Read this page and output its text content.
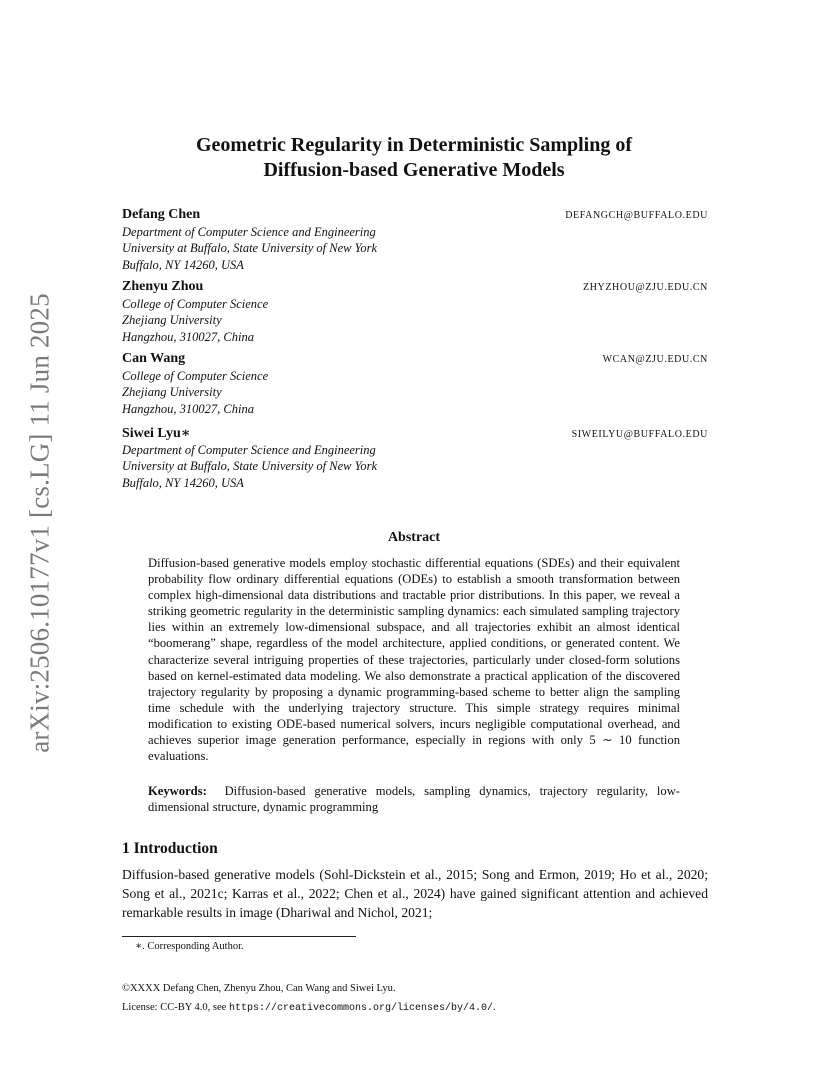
arXiv:2506.10177v1 [cs.LG] 11 Jun 2025
Geometric Regularity in Deterministic Sampling of
Diffusion-based Generative Models
Defang Chen	DEFANGCH@BUFFALO.EDU
Department of Computer Science and Engineering
University at Buffalo, State University of New York
Buffalo, NY 14260, USA
Zhenyu Zhou	ZHYZHOU@ZJU.EDU.CN
College of Computer Science
Zhejiang University
Hangzhou, 310027, China
Can Wang	WCAN@ZJU.EDU.CN
College of Computer Science
Zhejiang University
Hangzhou, 310027, China
Siwei Lyu∗	SIWEILYU@BUFFALO.EDU
Department of Computer Science and Engineering
University at Buffalo, State University of New York
Buffalo, NY 14260, USA
Abstract
Diffusion-based generative models employ stochastic differential equations (SDEs) and their equivalent probability flow ordinary differential equations (ODEs) to establish a smooth transformation between complex high-dimensional data distributions and tractable prior distributions. In this paper, we reveal a striking geometric regularity in the deterministic sampling dynamics: each simulated sampling trajectory lies within an extremely low-dimensional subspace, and all trajectories exhibit an almost identical “boomerang” shape, regardless of the model architecture, applied conditions, or generated content. We characterize several intriguing properties of these trajectories, particularly under closed-form solutions based on kernel-estimated data modeling. We also demonstrate a practical application of the discovered trajectory regularity by proposing a dynamic programming-based scheme to better align the sampling time schedule with the underlying trajectory structure. This simple strategy requires minimal modification to existing ODE-based numerical solvers, incurs negligible computational overhead, and achieves superior image generation performance, especially in regions with only 5 ∼ 10 function evaluations.
Keywords: Diffusion-based generative models, sampling dynamics, trajectory regularity, low-dimensional structure, dynamic programming
1 Introduction
Diffusion-based generative models (Sohl-Dickstein et al., 2015; Song and Ermon, 2019; Ho et al., 2020; Song et al., 2021c; Karras et al., 2022; Chen et al., 2024) have gained significant attention and achieved remarkable results in image (Dhariwal and Nichol, 2021;
∗. Corresponding Author.
©XXXX Defang Chen, Zhenyu Zhou, Can Wang and Siwei Lyu.
License: CC-BY 4.0, see https://creativecommons.org/licenses/by/4.0/.
